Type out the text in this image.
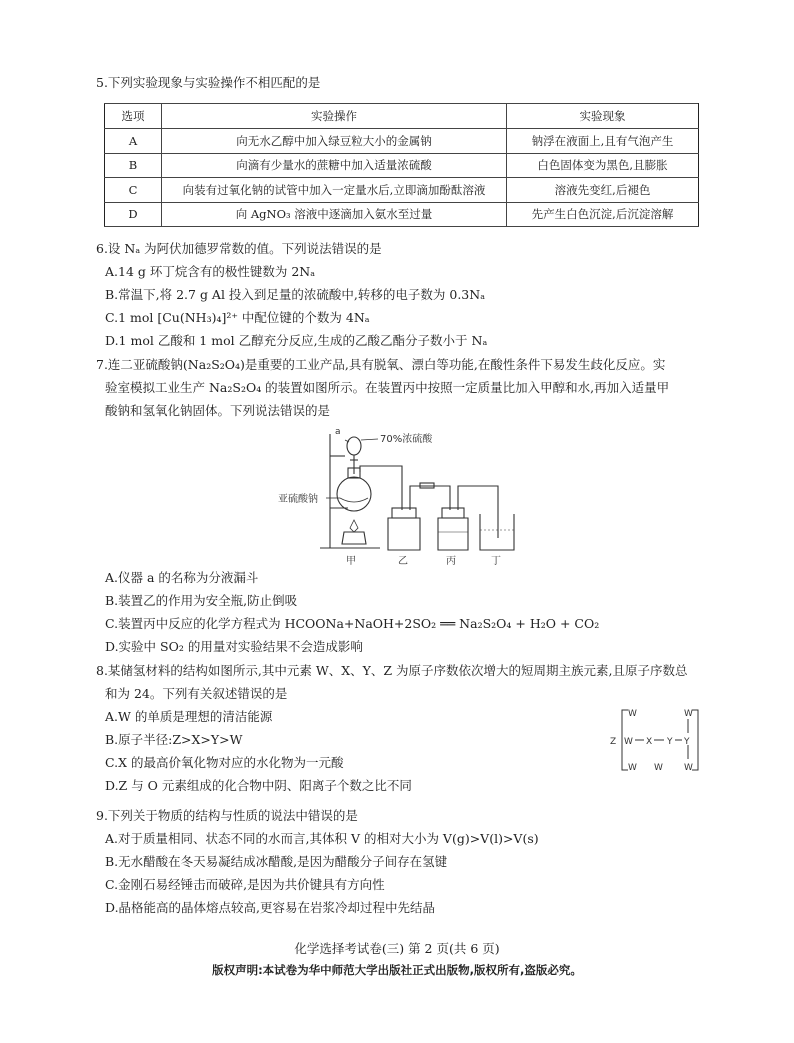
5.下列实验现象与实验操作不相匹配的是
选项	实验操作	实验现象
A	向无水乙醇中加入绿豆粒大小的金属钠	钠浮在液面上,且有气泡产生
B	向滴有少量水的蔗糖中加入适量浓硫酸	白色固体变为黑色,且膨胀
C	向装有过氧化钠的试管中加入一定量水后,立即滴加酚酞溶液	溶液先变红,后褪色
D	向 AgNO₃ 溶液中逐滴加入氨水至过量	先产生白色沉淀,后沉淀溶解
6.设 Nₐ 为阿伏加德罗常数的值。下列说法错误的是
A.14 g 环丁烷含有的极性键数为 2Nₐ
B.常温下,将 2.7 g Al 投入到足量的浓硫酸中,转移的电子数为 0.3Nₐ
C.1 mol [Cu(NH₃)₄]²⁺ 中配位键的个数为 4Nₐ
D.1 mol 乙酸和 1 mol 乙醇充分反应,生成的乙酸乙酯分子数小于 Nₐ
7.连二亚硫酸钠(Na₂S₂O₄)是重要的工业产品,具有脱氧、漂白等功能,在酸性条件下易发生歧化反应。实
验室模拟工业生产 Na₂S₂O₄ 的装置如图所示。在装置丙中按照一定质量比加入甲醇和水,再加入适量甲
酸钠和氢氧化钠固体。下列说法错误的是
a
70%浓硫酸
亚硫酸钠
甲	乙	丙	丁
A.仪器 a 的名称为分液漏斗
B.装置乙的作用为安全瓶,防止倒吸
C.装置丙中反应的化学方程式为 HCOONa+NaOH+2SO₂ ══ Na₂S₂O₄ + H₂O + CO₂
D.实验中 SO₂ 的用量对实验结果不会造成影响
8.某储氢材料的结构如图所示,其中元素 W、X、Y、Z 为原子序数依次增大的短周期主族元素,且原子序数总
和为 24。下列有关叙述错误的是
A.W 的单质是理想的清洁能源
B.原子半径:Z>X>Y>W
C.X 的最高价氧化物对应的水化物为一元酸
D.Z 与 O 元素组成的化合物中阴、阳离子个数之比不同
Z W X Y Y
W	W
W W W
9.下列关于物质的结构与性质的说法中错误的是
A.对于质量相同、状态不同的水而言,其体积 V 的相对大小为 V(g)>V(l)>V(s)
B.无水醋酸在冬天易凝结成冰醋酸,是因为醋酸分子间存在氢键
C.金刚石易经锤击而破碎,是因为共价键具有方向性
D.晶格能高的晶体熔点较高,更容易在岩浆冷却过程中先结晶
化学选择考试卷(三) 第 2 页(共 6 页)
版权声明:本试卷为华中师范大学出版社正式出版物,版权所有,盗版必究。
